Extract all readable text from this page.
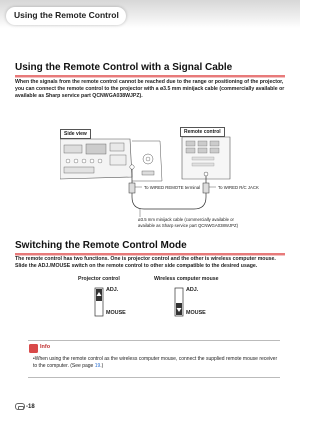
Using the Remote Control
Using the Remote Control with a Signal Cable
When the signals from the remote control cannot be reached due to the range or positioning of the projector, you can connect the remote control to the projector with a ø3.5 mm minijack cable (commercially available or available as Sharp service part QCNWGA038WJPZ).
Side view	Remote control
To WIRED REMOTE terminal	To WIRED R/C JACK
ø3.5 mm minijack cable (commercially available or
available as Sharp service part QCNWGA038WJPZ)
Switching the Remote Control Mode
The remote control has two functions. One is projector control and the other is wireless computer mouse. Slide the ADJ./MOUSE switch on the remote control to other side compatible to the desired usage.
Projector control	Wireless computer mouse
ADJ.
MOUSE
ADJ.
MOUSE
Info
•When using the remote control as the wireless computer mouse, connect the supplied remote mouse receiver to the computer. (See page 19.)
-18
